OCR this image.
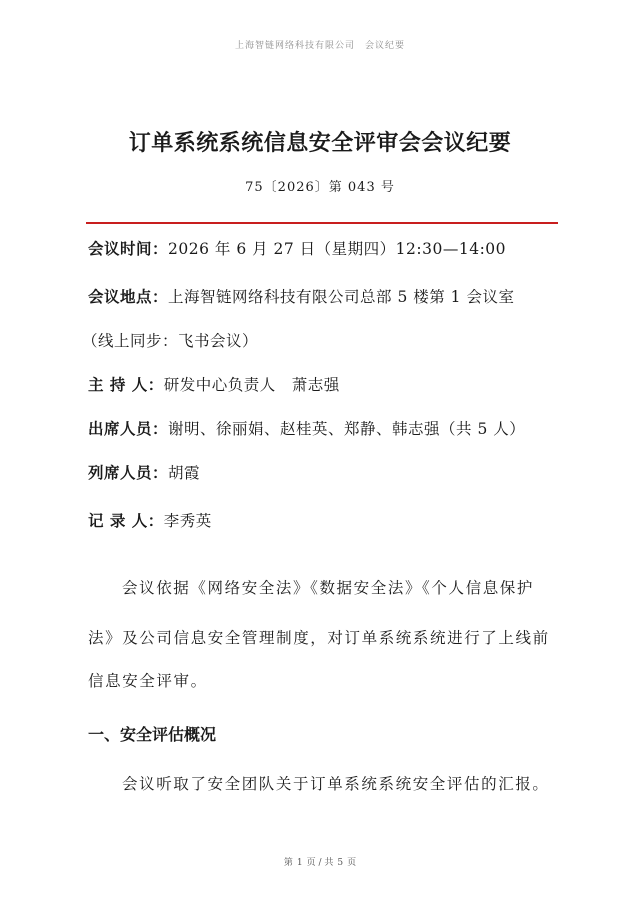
上海智链网络科技有限公司 会议纪要
订单系统系统信息安全评审会会议纪要
75〔2026〕第 043 号
会议时间：2026 年 6 月 27 日（星期四）12:30—14:00
会议地点：上海智链网络科技有限公司总部 5 楼第 1 会议室
（线上同步：飞书会议）
主 持 人：研发中心负责人　萧志强
出席人员：谢明、徐丽娟、赵桂英、郑静、韩志强（共 5 人）
列席人员：胡霞
记 录 人：李秀英
会议依据《网络安全法》《数据安全法》《个人信息保护
法》及公司信息安全管理制度，对订单系统系统进行了上线前
信息安全评审。
一、安全评估概况
会议听取了安全团队关于订单系统系统安全评估的汇报。
第 1 页 / 共 5 页
